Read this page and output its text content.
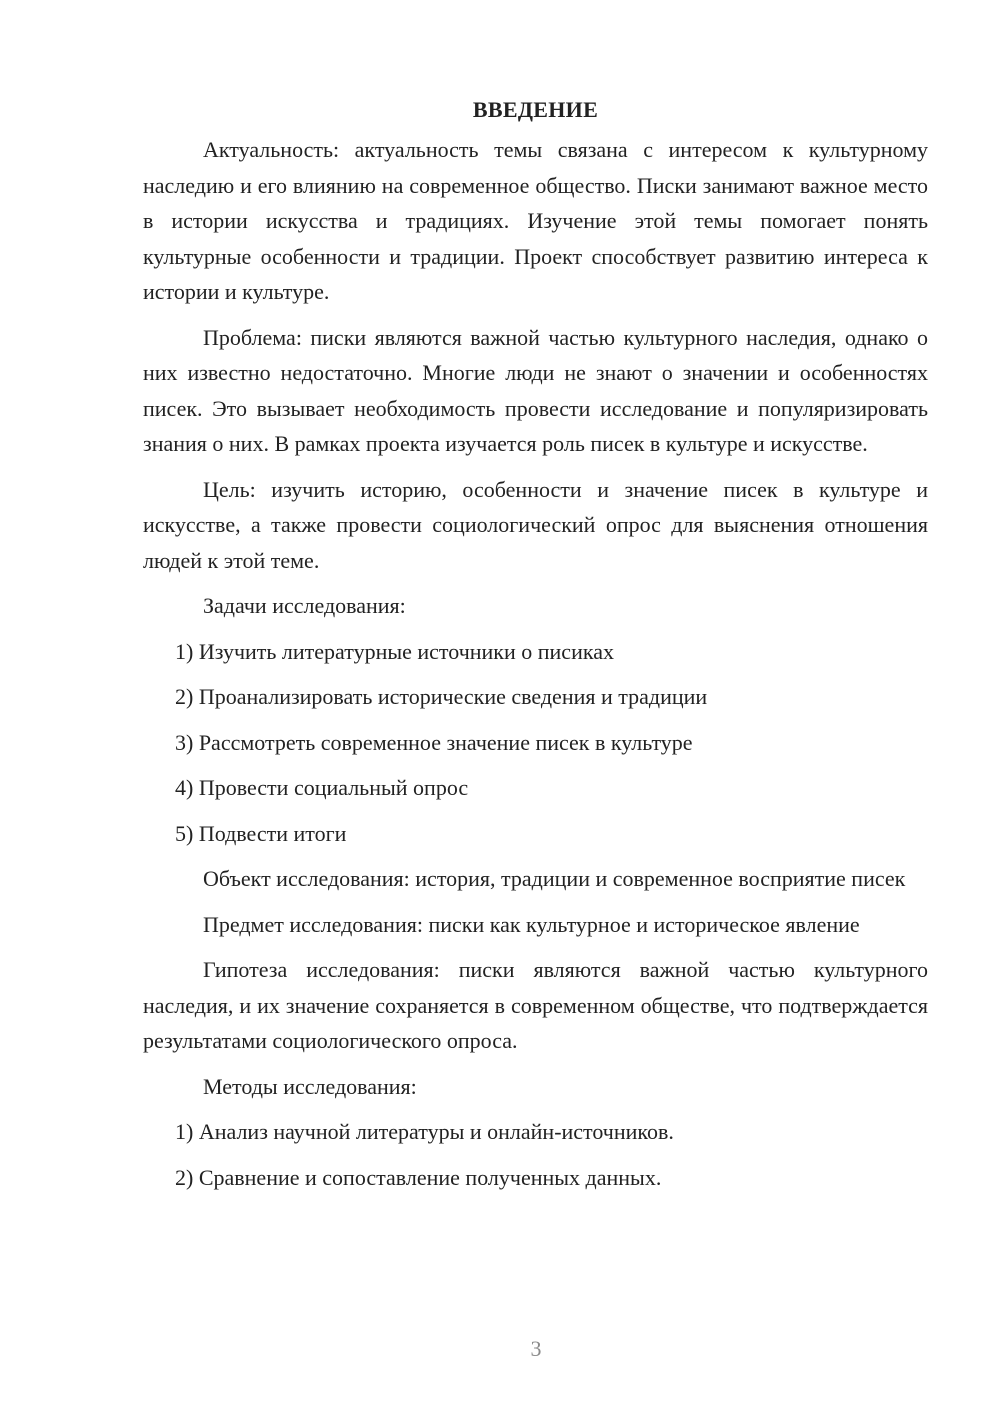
ВВЕДЕНИЕ

Актуальность: актуальность темы связана с интересом к культурному наследию и его влиянию на современное общество. Писки занимают важное место в истории искусства и традициях. Изучение этой темы помогает понять культурные особенности и традиции. Проект способствует развитию интереса к истории и культуре.

Проблема: писки являются важной частью культурного наследия, однако о них известно недостаточно. Многие люди не знают о значении и особенностях писек. Это вызывает необходимость провести исследование и популяризировать знания о них. В рамках проекта изучается роль писек в культуре и искусстве.

Цель: изучить историю, особенности и значение писек в культуре и искусстве, а также провести социологический опрос для выяснения отношения людей к этой теме.

Задачи исследования:
1) Изучить литературные источники о писиках
2) Проанализировать исторические сведения и традиции
3) Рассмотреть современное значение писек в культуре
4) Провести социальный опрос
5) Подвести итоги

Объект исследования: история, традиции и современное восприятие писек

Предмет исследования: писки как культурное и историческое явление

Гипотеза исследования: писки являются важной частью культурного наследия, и их значение сохраняется в современном обществе, что подтверждается результатами социологического опроса.

Методы исследования:
1) Анализ научной литературы и онлайн-источников.
2) Сравнение и сопоставление полученных данных.
3
